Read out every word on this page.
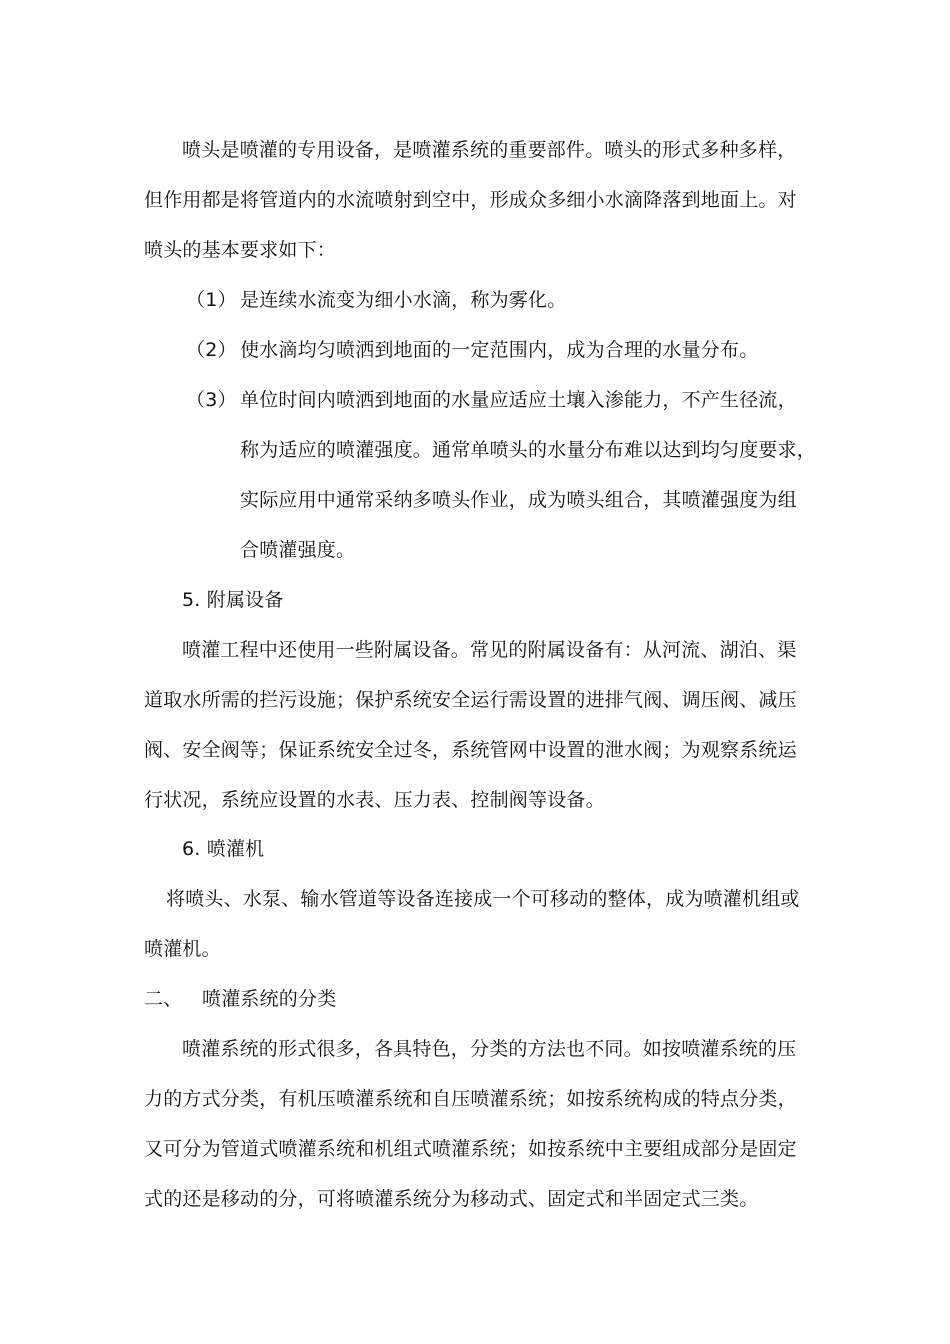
喷头是喷灌的专用设备，是喷灌系统的重要部件。喷头的形式多种多样，
但作用都是将管道内的水流喷射到空中，形成众多细小水滴降落到地面上。对
喷头的基本要求如下：
（1） 是连续水流变为细小水滴，称为雾化。
（2） 使水滴均匀喷洒到地面的一定范围内，成为合理的水量分布。
（3） 单位时间内喷洒到地面的水量应适应土壤入渗能力，不产生径流，
称为适应的喷灌强度。通常单喷头的水量分布难以达到均匀度要求，
实际应用中通常采纳多喷头作业，成为喷头组合，其喷灌强度为组
合喷灌强度。
5. 附属设备
喷灌工程中还使用一些附属设备。常见的附属设备有：从河流、湖泊、渠
道取水所需的拦污设施；保护系统安全运行需设置的进排气阀、调压阀、减压
阀、安全阀等；保证系统安全过冬，系统管网中设置的泄水阀；为观察系统运
行状况，系统应设置的水表、压力表、控制阀等设备。
6. 喷灌机
将喷头、水泵、输水管道等设备连接成一个可移动的整体，成为喷灌机组或
喷灌机。
二、 喷灌系统的分类
喷灌系统的形式很多，各具特色，分类的方法也不同。如按喷灌系统的压
力的方式分类，有机压喷灌系统和自压喷灌系统；如按系统构成的特点分类，
又可分为管道式喷灌系统和机组式喷灌系统；如按系统中主要组成部分是固定
式的还是移动的分，可将喷灌系统分为移动式、固定式和半固定式三类。
